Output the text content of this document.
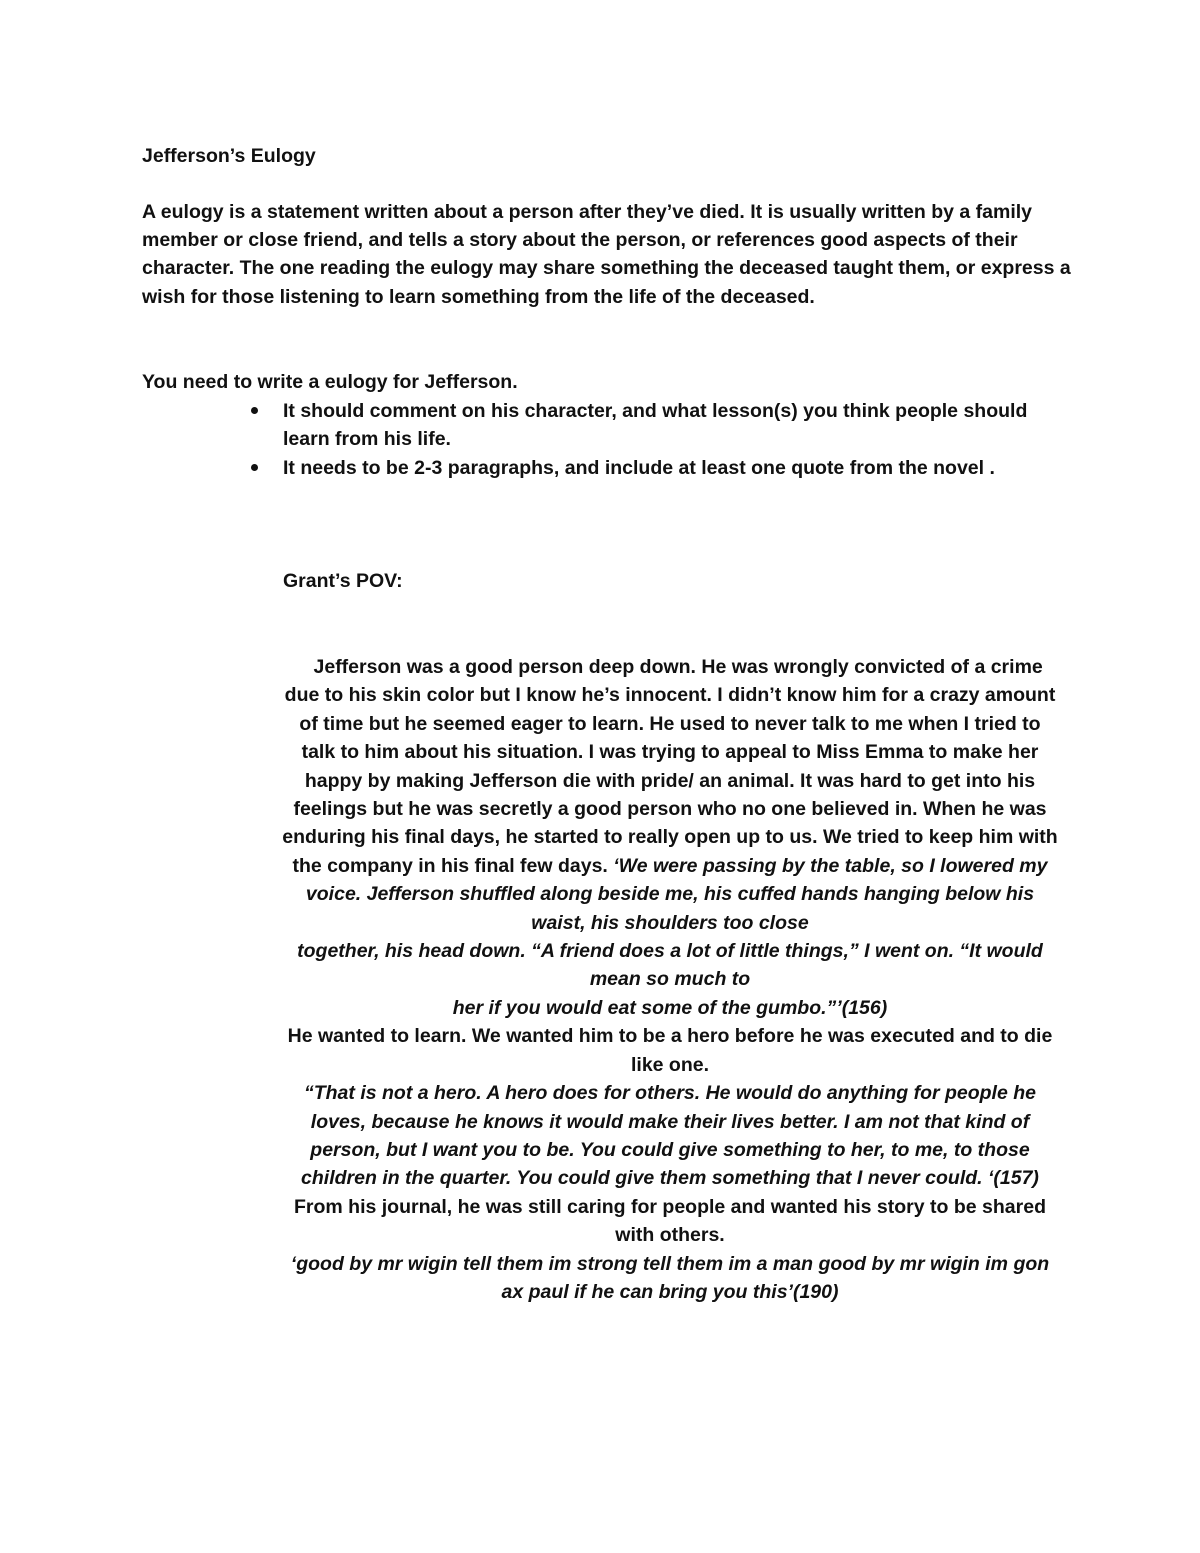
Jefferson’s Eulogy

A eulogy is a statement written about a person after they’ve died. It is usually written by a family member or close friend, and tells a story about the person, or references good aspects of their character. The one reading the eulogy may share something the deceased taught them, or express a wish for those listening to learn something from the life of the deceased.

You need to write a eulogy for Jefferson.

It should comment on his character, and what lesson(s) you think people should learn from his life.
It needs to be 2-3 paragraphs, and include at least one quote from the novel .

Grant’s POV:

Jefferson was a good person deep down. He was wrongly convicted of a crime due to his skin color but I know he’s innocent. I didn’t know him for a crazy amount of time but he seemed eager to learn. He used to never talk to me when I tried to talk to him about his situation. I was trying to appeal to Miss Emma to make her happy by making Jefferson die with pride/ an animal. It was hard to get into his feelings but he was secretly a good person who no one believed in. When he was enduring his final days, he started to really open up to us. We tried to keep him with the company in his final few days. ‘We were passing by the table, so I lowered my voice. Jefferson shuffled along beside me, his cuffed hands hanging below his waist, his shoulders too close

together, his head down. “A friend does a lot of little things,” I went on. “It would mean so much to

her if you would eat some of the gumbo.”’(156)

He wanted to learn. We wanted him to be a hero before he was executed and to die like one.

“That is not a hero. A hero does for others. He would do anything for people he loves, because he knows it would make their lives better. I am not that kind of person, but I want you to be. You could give something to her, to me, to those children in the quarter. You could give them something that I never could. ‘(157)

From his journal, he was still caring for people and wanted his story to be shared with others.

‘good by mr wigin tell them im strong tell them im a man good by mr wigin im gon ax paul if he can bring you this’(190)
